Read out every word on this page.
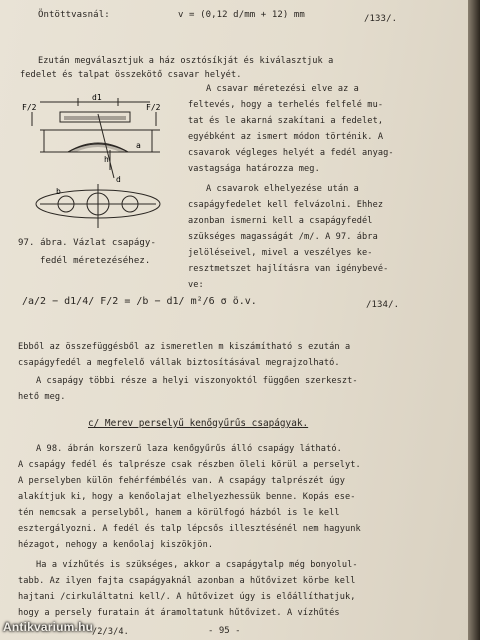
Öntöttvasnál:	v = (0,12 d/mm + 12) mm	/133/.
Ezután megválasztjuk a ház osztósíkját és kiválasztjuk a
fedelet és talpat összekötő csavar helyét.
F/2	F/2
d1
a
h
b
d
97. ábra. Vázlat csapágy-
fedél méretezéséhez.
A csavar méretezési elve az a
feltevés, hogy a terhelés felfelé mu-
tat és le akarná szakítani a fedelet,
egyébként az ismert módon történik. A
csavarok végleges helyét a fedél anyag-
vastagsága határozza meg.
A csavarok elhelyezése után a
csapágyfedelet kell felvázolni. Ehhez
azonban ismerni kell a csapágyfedél
szükséges magasságát /m/. A 97. ábra
jelöléseivel, mivel a veszélyes ke-
resztmetszet hajlításra van igénybevé-
ve:
/a/2 − d1/4/ F/2 = /b − d1/ m²/6 σ ö.v.	/134/.
Ebből az összefüggésből az ismeretlen m kiszámítható s ezután a
csapágyfedél a megfelelő vállak biztosításával megrajzolható.
A csapágy többi része a helyi viszonyoktól függően szerkeszt-
hető meg.
c/ Merev perselyű kenőgyűrűs csapágyak.
A 98. ábrán korszerű laza kenőgyűrűs álló csapágy látható.
A csapágy fedél és talprésze csak részben öleli körül a perselyt.
A perselyben külön fehérfémbélés van. A csapágy talprészét úgy
alakítjuk ki, hogy a kenőolajat elhelyezhessük benne. Kopás ese-
tén nemcsak a perselyből, hanem a körülfogó házból is le kell
esztergályozni. A fedél és talp lépcsős illesztésénél nem hagyunk
hézagot, nehogy a kenőolaj kiszökjön.
Ha a vízhűtés is szükséges, akkor a csapágytalp még bonyolul-
tabb. Az ilyen fajta csapágyaknál azonban a hűtővizet körbe kell
hajtani /cirkuláltatni kell/. A hűtővizet úgy is előállíthatjuk,
hogy a persely furatain át áramoltatunk hűtővizet. A vízhűtés
/2/3/4.	- 95 -
Antikvarium.hu
